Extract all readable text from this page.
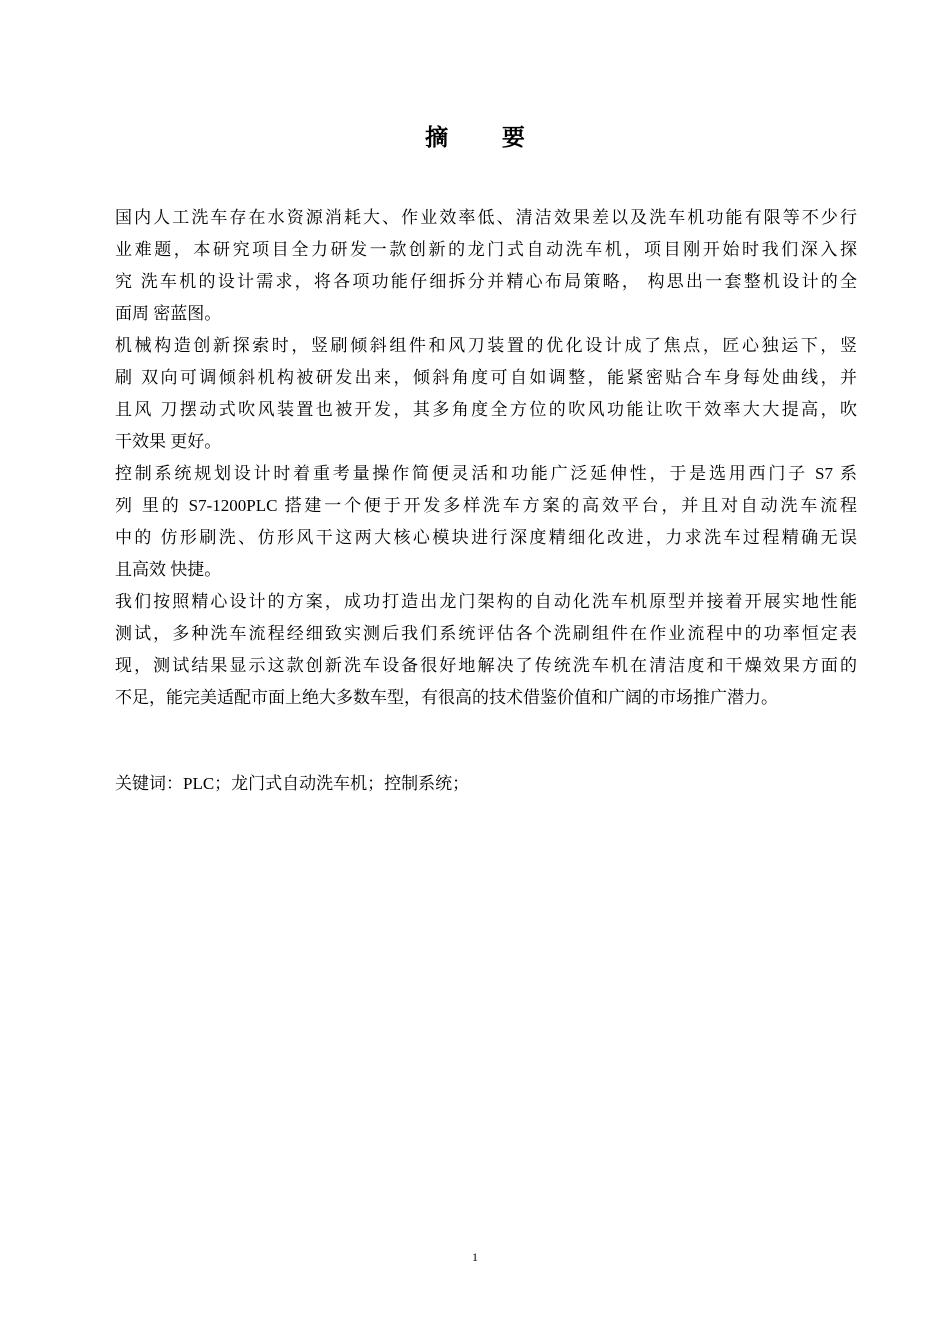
摘 要
国内人工洗车存在水资源消耗大、作业效率低、清洁效果差以及洗车机功能有限等不少行
业难题，本研究项目全力研发一款创新的龙门式自动洗车机，项目刚开始时我们深入探
究 洗车机的设计需求，将各项功能仔细拆分并精心布局策略， 构思出一套整机设计的全
面周 密蓝图。
机械构造创新探索时，竖刷倾斜组件和风刀装置的优化设计成了焦点，匠心独运下，竖
刷 双向可调倾斜机构被研发出来，倾斜角度可自如调整，能紧密贴合车身每处曲线，并
且风 刀摆动式吹风装置也被开发，其多角度全方位的吹风功能让吹干效率大大提高，吹
干效果 更好。
控制系统规划设计时着重考量操作简便灵活和功能广泛延伸性，于是选用西门子 S7 系
列 里的 S7-1200PLC 搭建一个便于开发多样洗车方案的高效平台，并且对自动洗车流程
中的 仿形刷洗、仿形风干这两大核心模块进行深度精细化改进，力求洗车过程精确无误
且高效 快捷。
我们按照精心设计的方案，成功打造出龙门架构的自动化洗车机原型并接着开展实地性能
测试，多种洗车流程经细致实测后我们系统评估各个洗刷组件在作业流程中的功率恒定表
现，测试结果显示这款创新洗车设备很好地解决了传统洗车机在清洁度和干燥效果方面的
不足，能完美适配市面上绝大多数车型，有很高的技术借鉴价值和广阔的市场推广潜力。
关键词：PLC；龙门式自动洗车机；控制系统；
1
